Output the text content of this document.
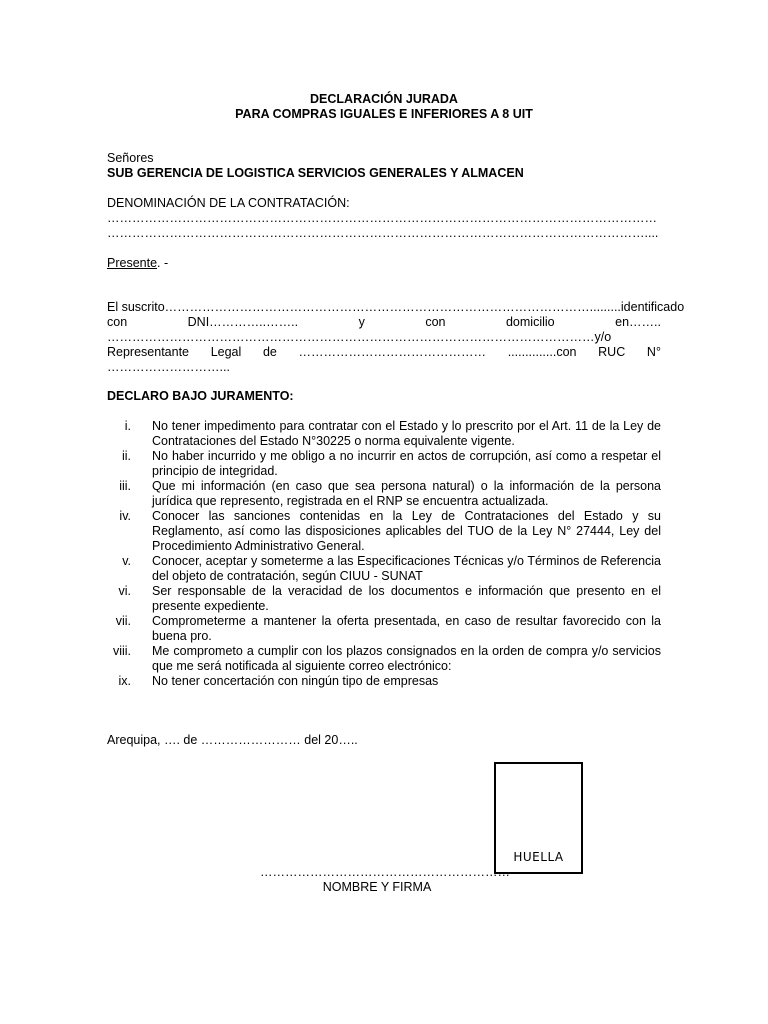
DECLARACIÓN JURADA
PARA COMPRAS IGUALES E INFERIORES A 8 UIT
Señores
SUB GERENCIA DE LOGISTICA SERVICIOS GENERALES Y ALMACEN
DENOMINACIÓN DE LA CONTRATACIÓN:
……………………………………………………………………………………………………………………
…………………………………………………………………………………………………………………....
Presente. -
El suscrito………………………………………………………………………………………….........identificado
con	DNI…………..……..	y	con	domicilio	en……..
………………………………………………………………………………………………………y/o
Representante Legal de ……………………………………… ..............con RUC N°
………………………...
DECLARO BAJO JURAMENTO:
i.	No tener impedimento para contratar con el Estado y lo prescrito por el Art. 11 de la Ley de Contrataciones del Estado N°30225 o norma equivalente vigente.
ii.	No haber incurrido y me obligo a no incurrir en actos de corrupción, así como a respetar el principio de integridad.
iii.	Que mi información (en caso que sea persona natural) o la información de la persona jurídica que represento, registrada en el RNP se encuentra actualizada.
iv.	Conocer las sanciones contenidas en la Ley de Contrataciones del Estado y su Reglamento, así como las disposiciones aplicables del TUO de la Ley N° 27444, Ley del Procedimiento Administrativo General.
v.	Conocer, aceptar y someterme a las Especificaciones Técnicas y/o Términos de Referencia del objeto de contratación, según CIUU - SUNAT
vi.	Ser responsable de la veracidad de los documentos e información que presento en el presente expediente.
vii.	Comprometerme a mantener la oferta presentada, en caso de resultar favorecido con la buena pro.
viii.	Me comprometo a cumplir con los plazos consignados en la orden de compra y/o servicios que me será notificada al siguiente correo electrónico:
ix.	No tener concertación con ningún tipo de empresas
Arequipa, …. de …………………… del 20…..
HUELLA
……………………………………………………
NOMBRE Y FIRMA
